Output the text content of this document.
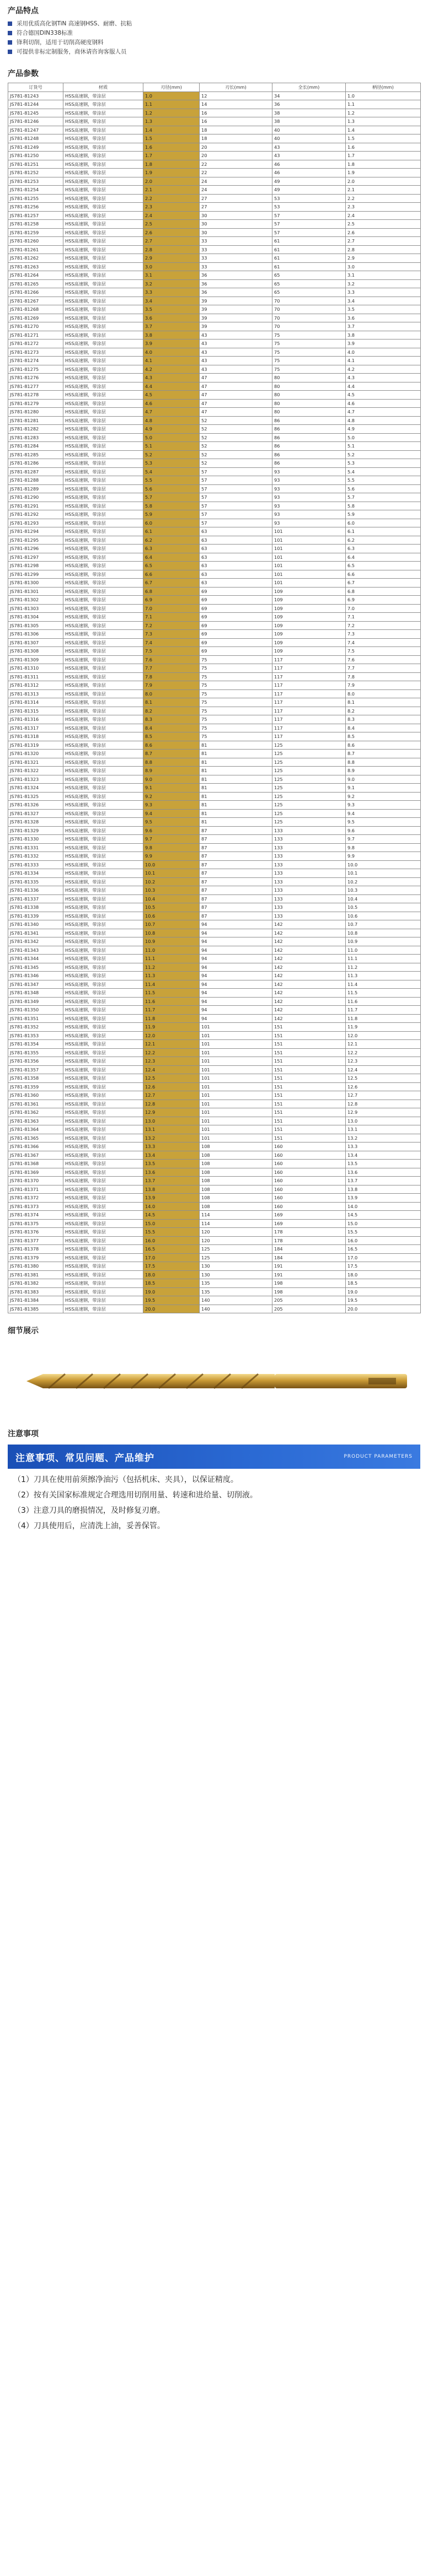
产品特点
采用优质高化钢TiN 高速钢HSS、耐磨、抗粘
符合德国DIN338标准
锋利切削，适用于切削高硬度钢料
可提供非标定制服务，商休请咨询客服人员
产品参数
订货号	材质	刃径(mm)	刃长(mm)	全长(mm)	柄径(mm)
JS781-81243	HSS高速钢，带涂层	1.0	12	34	1.0
JS781-81244	HSS高速钢，带涂层	1.1	14	36	1.1
JS781-81245	HSS高速钢，带涂层	1.2	16	38	1.2
JS781-81246	HSS高速钢，带涂层	1.3	16	38	1.3
JS781-81247	HSS高速钢，带涂层	1.4	18	40	1.4
JS781-81248	HSS高速钢，带涂层	1.5	18	40	1.5
JS781-81249	HSS高速钢，带涂层	1.6	20	43	1.6
JS781-81250	HSS高速钢，带涂层	1.7	20	43	1.7
JS781-81251	HSS高速钢，带涂层	1.8	22	46	1.8
JS781-81252	HSS高速钢，带涂层	1.9	22	46	1.9
JS781-81253	HSS高速钢，带涂层	2.0	24	49	2.0
JS781-81254	HSS高速钢，带涂层	2.1	24	49	2.1
JS781-81255	HSS高速钢，带涂层	2.2	27	53	2.2
JS781-81256	HSS高速钢，带涂层	2.3	27	53	2.3
JS781-81257	HSS高速钢，带涂层	2.4	30	57	2.4
JS781-81258	HSS高速钢，带涂层	2.5	30	57	2.5
JS781-81259	HSS高速钢，带涂层	2.6	30	57	2.6
JS781-81260	HSS高速钢，带涂层	2.7	33	61	2.7
JS781-81261	HSS高速钢，带涂层	2.8	33	61	2.8
JS781-81262	HSS高速钢，带涂层	2.9	33	61	2.9
JS781-81263	HSS高速钢，带涂层	3.0	33	61	3.0
JS781-81264	HSS高速钢，带涂层	3.1	36	65	3.1
JS781-81265	HSS高速钢，带涂层	3.2	36	65	3.2
JS781-81266	HSS高速钢，带涂层	3.3	36	65	3.3
JS781-81267	HSS高速钢，带涂层	3.4	39	70	3.4
JS781-81268	HSS高速钢，带涂层	3.5	39	70	3.5
JS781-81269	HSS高速钢，带涂层	3.6	39	70	3.6
JS781-81270	HSS高速钢，带涂层	3.7	39	70	3.7
JS781-81271	HSS高速钢，带涂层	3.8	43	75	3.8
JS781-81272	HSS高速钢，带涂层	3.9	43	75	3.9
JS781-81273	HSS高速钢，带涂层	4.0	43	75	4.0
JS781-81274	HSS高速钢，带涂层	4.1	43	75	4.1
JS781-81275	HSS高速钢，带涂层	4.2	43	75	4.2
JS781-81276	HSS高速钢，带涂层	4.3	47	80	4.3
JS781-81277	HSS高速钢，带涂层	4.4	47	80	4.4
JS781-81278	HSS高速钢，带涂层	4.5	47	80	4.5
JS781-81279	HSS高速钢，带涂层	4.6	47	80	4.6
JS781-81280	HSS高速钢，带涂层	4.7	47	80	4.7
JS781-81281	HSS高速钢，带涂层	4.8	52	86	4.8
JS781-81282	HSS高速钢，带涂层	4.9	52	86	4.9
JS781-81283	HSS高速钢，带涂层	5.0	52	86	5.0
JS781-81284	HSS高速钢，带涂层	5.1	52	86	5.1
JS781-81285	HSS高速钢，带涂层	5.2	52	86	5.2
JS781-81286	HSS高速钢，带涂层	5.3	52	86	5.3
JS781-81287	HSS高速钢，带涂层	5.4	57	93	5.4
JS781-81288	HSS高速钢，带涂层	5.5	57	93	5.5
JS781-81289	HSS高速钢，带涂层	5.6	57	93	5.6
JS781-81290	HSS高速钢，带涂层	5.7	57	93	5.7
JS781-81291	HSS高速钢，带涂层	5.8	57	93	5.8
JS781-81292	HSS高速钢，带涂层	5.9	57	93	5.9
JS781-81293	HSS高速钢，带涂层	6.0	57	93	6.0
JS781-81294	HSS高速钢，带涂层	6.1	63	101	6.1
JS781-81295	HSS高速钢，带涂层	6.2	63	101	6.2
JS781-81296	HSS高速钢，带涂层	6.3	63	101	6.3
JS781-81297	HSS高速钢，带涂层	6.4	63	101	6.4
JS781-81298	HSS高速钢，带涂层	6.5	63	101	6.5
JS781-81299	HSS高速钢，带涂层	6.6	63	101	6.6
JS781-81300	HSS高速钢，带涂层	6.7	63	101	6.7
JS781-81301	HSS高速钢，带涂层	6.8	69	109	6.8
JS781-81302	HSS高速钢，带涂层	6.9	69	109	6.9
JS781-81303	HSS高速钢，带涂层	7.0	69	109	7.0
JS781-81304	HSS高速钢，带涂层	7.1	69	109	7.1
JS781-81305	HSS高速钢，带涂层	7.2	69	109	7.2
JS781-81306	HSS高速钢，带涂层	7.3	69	109	7.3
JS781-81307	HSS高速钢，带涂层	7.4	69	109	7.4
JS781-81308	HSS高速钢，带涂层	7.5	69	109	7.5
JS781-81309	HSS高速钢，带涂层	7.6	75	117	7.6
JS781-81310	HSS高速钢，带涂层	7.7	75	117	7.7
JS781-81311	HSS高速钢，带涂层	7.8	75	117	7.8
JS781-81312	HSS高速钢，带涂层	7.9	75	117	7.9
JS781-81313	HSS高速钢，带涂层	8.0	75	117	8.0
JS781-81314	HSS高速钢，带涂层	8.1	75	117	8.1
JS781-81315	HSS高速钢，带涂层	8.2	75	117	8.2
JS781-81316	HSS高速钢，带涂层	8.3	75	117	8.3
JS781-81317	HSS高速钢，带涂层	8.4	75	117	8.4
JS781-81318	HSS高速钢，带涂层	8.5	75	117	8.5
JS781-81319	HSS高速钢，带涂层	8.6	81	125	8.6
JS781-81320	HSS高速钢，带涂层	8.7	81	125	8.7
JS781-81321	HSS高速钢，带涂层	8.8	81	125	8.8
JS781-81322	HSS高速钢，带涂层	8.9	81	125	8.9
JS781-81323	HSS高速钢，带涂层	9.0	81	125	9.0
JS781-81324	HSS高速钢，带涂层	9.1	81	125	9.1
JS781-81325	HSS高速钢，带涂层	9.2	81	125	9.2
JS781-81326	HSS高速钢，带涂层	9.3	81	125	9.3
JS781-81327	HSS高速钢，带涂层	9.4	81	125	9.4
JS781-81328	HSS高速钢，带涂层	9.5	81	125	9.5
JS781-81329	HSS高速钢，带涂层	9.6	87	133	9.6
JS781-81330	HSS高速钢，带涂层	9.7	87	133	9.7
JS781-81331	HSS高速钢，带涂层	9.8	87	133	9.8
JS781-81332	HSS高速钢，带涂层	9.9	87	133	9.9
JS781-81333	HSS高速钢，带涂层	10.0	87	133	10.0
JS781-81334	HSS高速钢，带涂层	10.1	87	133	10.1
JS781-81335	HSS高速钢，带涂层	10.2	87	133	10.2
JS781-81336	HSS高速钢，带涂层	10.3	87	133	10.3
JS781-81337	HSS高速钢，带涂层	10.4	87	133	10.4
JS781-81338	HSS高速钢，带涂层	10.5	87	133	10.5
JS781-81339	HSS高速钢，带涂层	10.6	87	133	10.6
JS781-81340	HSS高速钢，带涂层	10.7	94	142	10.7
JS781-81341	HSS高速钢，带涂层	10.8	94	142	10.8
JS781-81342	HSS高速钢，带涂层	10.9	94	142	10.9
JS781-81343	HSS高速钢，带涂层	11.0	94	142	11.0
JS781-81344	HSS高速钢，带涂层	11.1	94	142	11.1
JS781-81345	HSS高速钢，带涂层	11.2	94	142	11.2
JS781-81346	HSS高速钢，带涂层	11.3	94	142	11.3
JS781-81347	HSS高速钢，带涂层	11.4	94	142	11.4
JS781-81348	HSS高速钢，带涂层	11.5	94	142	11.5
JS781-81349	HSS高速钢，带涂层	11.6	94	142	11.6
JS781-81350	HSS高速钢，带涂层	11.7	94	142	11.7
JS781-81351	HSS高速钢，带涂层	11.8	94	142	11.8
JS781-81352	HSS高速钢，带涂层	11.9	101	151	11.9
JS781-81353	HSS高速钢，带涂层	12.0	101	151	12.0
JS781-81354	HSS高速钢，带涂层	12.1	101	151	12.1
JS781-81355	HSS高速钢，带涂层	12.2	101	151	12.2
JS781-81356	HSS高速钢，带涂层	12.3	101	151	12.3
JS781-81357	HSS高速钢，带涂层	12.4	101	151	12.4
JS781-81358	HSS高速钢，带涂层	12.5	101	151	12.5
JS781-81359	HSS高速钢，带涂层	12.6	101	151	12.6
JS781-81360	HSS高速钢，带涂层	12.7	101	151	12.7
JS781-81361	HSS高速钢，带涂层	12.8	101	151	12.8
JS781-81362	HSS高速钢，带涂层	12.9	101	151	12.9
JS781-81363	HSS高速钢，带涂层	13.0	101	151	13.0
JS781-81364	HSS高速钢，带涂层	13.1	101	151	13.1
JS781-81365	HSS高速钢，带涂层	13.2	101	151	13.2
JS781-81366	HSS高速钢，带涂层	13.3	108	160	13.3
JS781-81367	HSS高速钢，带涂层	13.4	108	160	13.4
JS781-81368	HSS高速钢，带涂层	13.5	108	160	13.5
JS781-81369	HSS高速钢，带涂层	13.6	108	160	13.6
JS781-81370	HSS高速钢，带涂层	13.7	108	160	13.7
JS781-81371	HSS高速钢，带涂层	13.8	108	160	13.8
JS781-81372	HSS高速钢，带涂层	13.9	108	160	13.9
JS781-81373	HSS高速钢，带涂层	14.0	108	160	14.0
JS781-81374	HSS高速钢，带涂层	14.5	114	169	14.5
JS781-81375	HSS高速钢，带涂层	15.0	114	169	15.0
JS781-81376	HSS高速钢，带涂层	15.5	120	178	15.5
JS781-81377	HSS高速钢，带涂层	16.0	120	178	16.0
JS781-81378	HSS高速钢，带涂层	16.5	125	184	16.5
JS781-81379	HSS高速钢，带涂层	17.0	125	184	17.0
JS781-81380	HSS高速钢，带涂层	17.5	130	191	17.5
JS781-81381	HSS高速钢，带涂层	18.0	130	191	18.0
JS781-81382	HSS高速钢，带涂层	18.5	135	198	18.5
JS781-81383	HSS高速钢，带涂层	19.0	135	198	19.0
JS781-81384	HSS高速钢，带涂层	19.5	140	205	19.5
JS781-81385	HSS高速钢，带涂层	20.0	140	205	20.0
细节展示
注意事项
注意事项、常见问题、产品维护	PRODUCT PARAMETERS
（1）刀具在使用前须擦净油污（包括机床、夹具），以保证精度。
（2）按有关国家标准规定合理选用切削用量、转速和进给量、切削液。
（3）注意刀具的磨损情况，及时修复刃磨。
（4）刀具使用后，应清洗上油，妥善保管。
